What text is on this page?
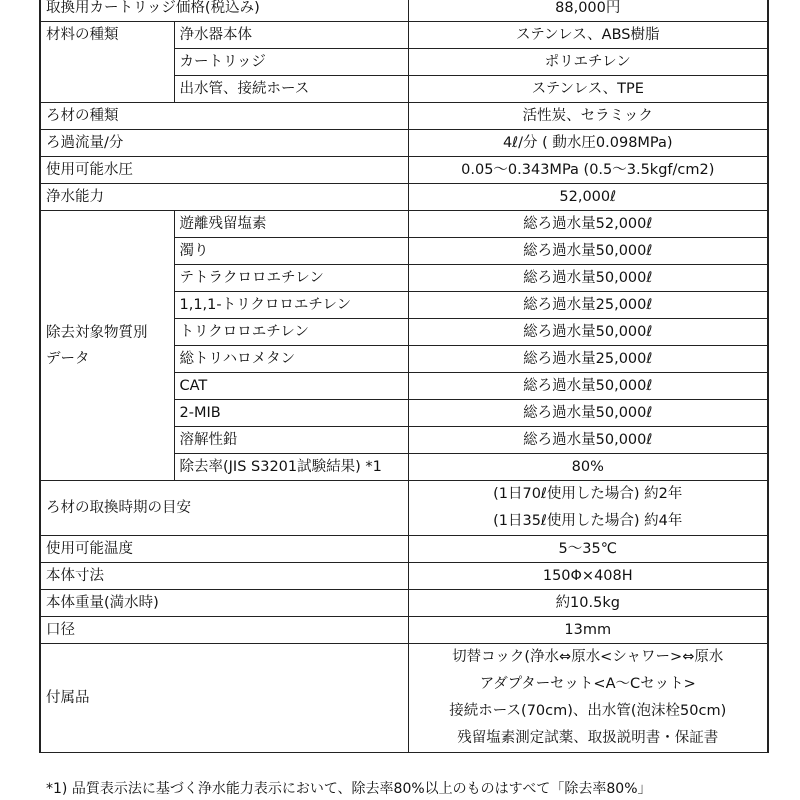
取換用カートリッジ価格(税込み)		88,000円
材料の種類	浄水器本体	ステンレス、ABS樹脂
	カートリッジ	ポリエチレン
	出水管、接続ホース	ステンレス、TPE
ろ材の種類		活性炭、セラミック
ろ過流量/分		4ℓ/分 ( 動水圧0.098MPa)
使用可能水圧		0.05〜0.343MPa (0.5〜3.5kgf/cm2)
浄水能力		52,000ℓ

除去対象物質別
データ	遊離残留塩素	総ろ過水量52,000ℓ
	濁り	総ろ過水量50,000ℓ
	テトラクロロエチレン	総ろ過水量50,000ℓ
	1,1,1-トリクロロエチレン	総ろ過水量25,000ℓ
	トリクロロエチレン	総ろ過水量50,000ℓ
	総トリハロメタン	総ろ過水量25,000ℓ
	CAT	総ろ過水量50,000ℓ
	2-MIB	総ろ過水量50,000ℓ
	溶解性鉛	総ろ過水量50,000ℓ
	除去率(JIS S3201試験結果) *1	80%
ろ材の取換時期の目安		(1日70ℓ使用した場合) 約2年
(1日35ℓ使用した場合) 約4年

使用可能温度		5〜35℃
本体寸法		150Φ×408H
本体重量(満水時)		約10.5kg
口径		13mm
付属品		切替コック(浄水⇔原水<シャワー>⇔原水
アダプターセット<A〜Cセット>
接続ホース(70cm)、出水管(泡沫栓50cm)
残留塩素測定試薬、取扱説明書・保証書
*1) 品質表示法に基づく浄水能力表示において、除去率80%以上のものはすべて「除去率80%」
